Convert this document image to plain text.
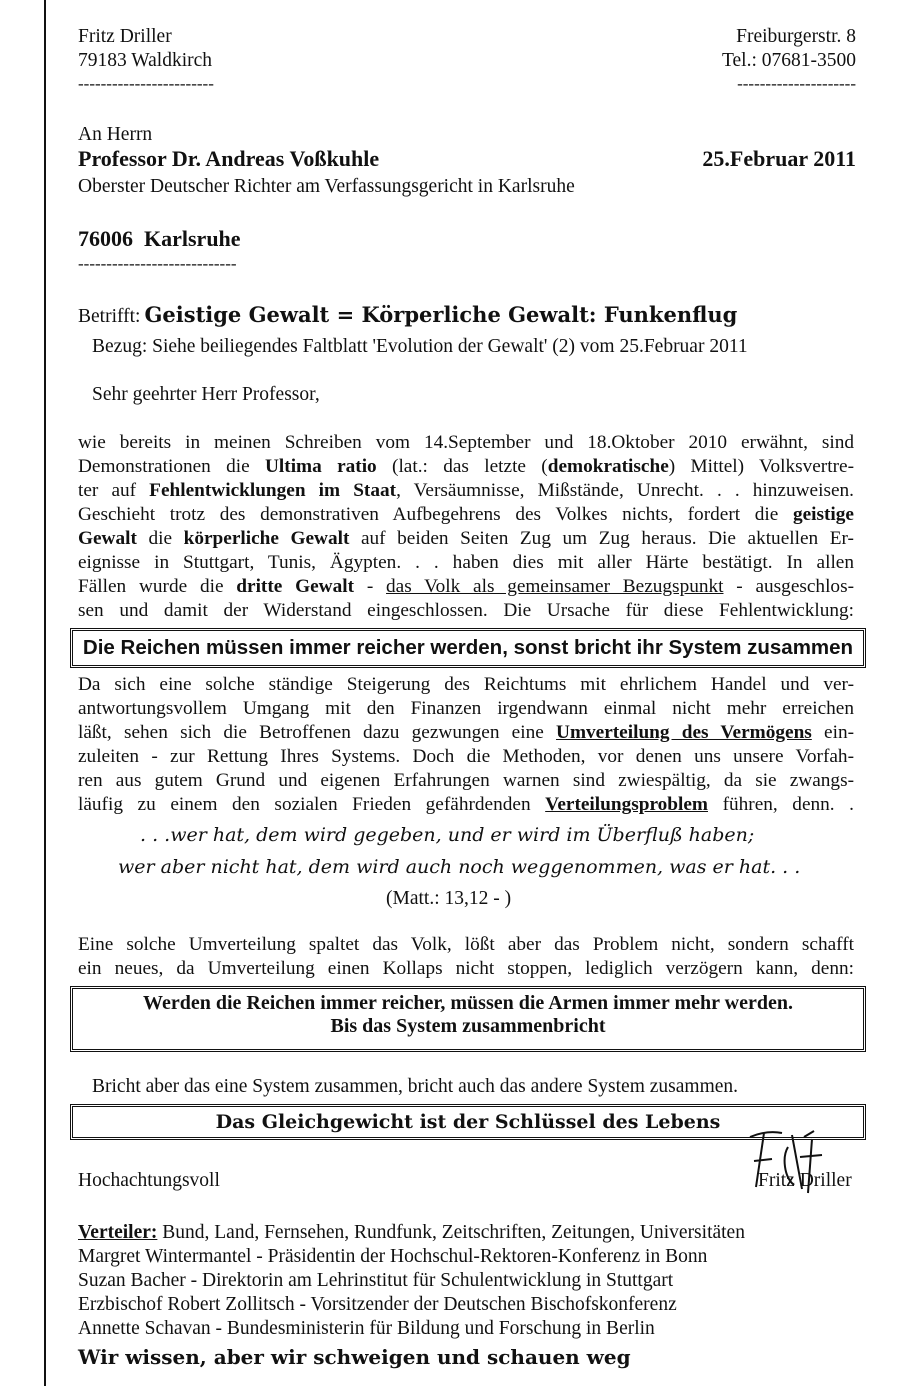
Fritz Driller
79183 Waldkirch
------------------------
Freiburgerstr. 8
Tel.: 07681-3500
---------------------
An Herrn
Professor Dr. Andreas Voßkuhle	25.Februar 2011
Oberster Deutscher Richter am Verfassungsgericht in Karlsruhe
76006 Karlsruhe
----------------------------
Betrifft: Geistige Gewalt = Körperliche Gewalt: Funkenflug
Bezug: Siehe beiliegendes Faltblatt 'Evolution der Gewalt' (2) vom 25.Februar 2011
Sehr geehrter Herr Professor,
wie bereits in meinen Schreiben vom 14.September und 18.Oktober 2010 erwähnt, sind
Demonstrationen die Ultima ratio (lat.: das letzte (demokratische) Mittel) Volksvertre-
ter auf Fehlentwicklungen im Staat, Versäumnisse, Mißstände, Unrecht. . . hinzuweisen.
Geschieht trotz des demonstrativen Aufbegehrens des Volkes nichts, fordert die geistige
Gewalt die körperliche Gewalt auf beiden Seiten Zug um Zug heraus. Die aktuellen Er-
eignisse in Stuttgart, Tunis, Ägypten. . . haben dies mit aller Härte bestätigt. In allen
Fällen wurde die dritte Gewalt - das Volk als gemeinsamer Bezugspunkt - ausgeschlos-
sen und damit der Widerstand eingeschlossen. Die Ursache für diese Fehlentwicklung:
Die Reichen müssen immer reicher werden, sonst bricht ihr System zusammen
Da sich eine solche ständige Steigerung des Reichtums mit ehrlichem Handel und ver-
antwortungsvollem Umgang mit den Finanzen irgendwann einmal nicht mehr erreichen
läßt, sehen sich die Betroffenen dazu gezwungen eine Umverteilung des Vermögens ein-
zuleiten - zur Rettung Ihres Systems. Doch die Methoden, vor denen uns unsere Vorfah-
ren aus gutem Grund und eigenen Erfahrungen warnen sind zwiespältig, da sie zwangs-
läufig zu einem den sozialen Frieden gefährdenden Verteilungsproblem führen, denn. .
. . .wer hat, dem wird gegeben, und er wird im Überfluß haben;
wer aber nicht hat, dem wird auch noch weggenommen, was er hat. . .
(Matt.: 13,12 - )
Eine solche Umverteilung spaltet das Volk, lößt aber das Problem nicht, sondern schafft
ein neues, da Umverteilung einen Kollaps nicht stoppen, lediglich verzögern kann, denn:
Werden die Reichen immer reicher, müssen die Armen immer mehr werden.
Bis das System zusammenbricht
Bricht aber das eine System zusammen, bricht auch das andere System zusammen.
Das Gleichgewicht ist der Schlüssel des Lebens
Hochachtungsvoll	Fritz Driller
Verteiler: Bund, Land, Fernsehen, Rundfunk, Zeitschriften, Zeitungen, Universitäten
Margret Wintermantel - Präsidentin der Hochschul-Rektoren-Konferenz in Bonn
Suzan Bacher - Direktorin am Lehrinstitut für Schulentwicklung in Stuttgart
Erzbischof Robert Zollitsch - Vorsitzender der Deutschen Bischofskonferenz
Annette Schavan - Bundesministerin für Bildung und Forschung in Berlin
Wir wissen, aber wir schweigen und schauen weg
